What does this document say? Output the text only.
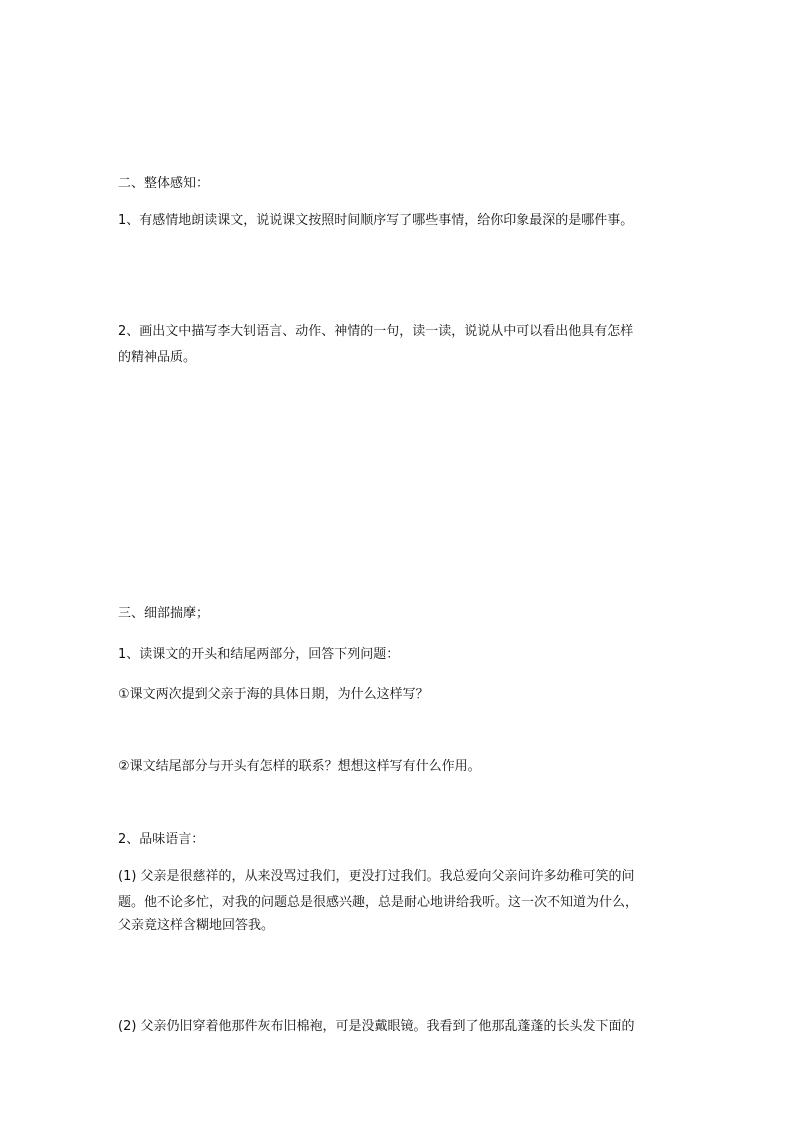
二、整体感知：
1、有感情地朗读课文，说说课文按照时间顺序写了哪些事情，给你印象最深的是哪件事。
2、画出文中描写李大钊语言、动作、神情的一句，读一读，说说从中可以看出他具有怎样
的精神品质。
三、细部揣摩；
1、读课文的开头和结尾两部分，回答下列问题：
①课文两次提到父亲于海的具体日期，为什么这样写？
②课文结尾部分与开头有怎样的联系？想想这样写有什么作用。
2、品味语言：
(1) 父亲是很慈祥的，从来没骂过我们，更没打过我们。我总爱向父亲问许多幼稚可笑的问
题。他不论多忙，对我的问题总是很感兴趣，总是耐心地讲给我听。这一次不知道为什么，
父亲竟这样含糊地回答我。
(2) 父亲仍旧穿着他那件灰布旧棉袍，可是没戴眼镜。我看到了他那乱蓬蓬的长头发下面的
